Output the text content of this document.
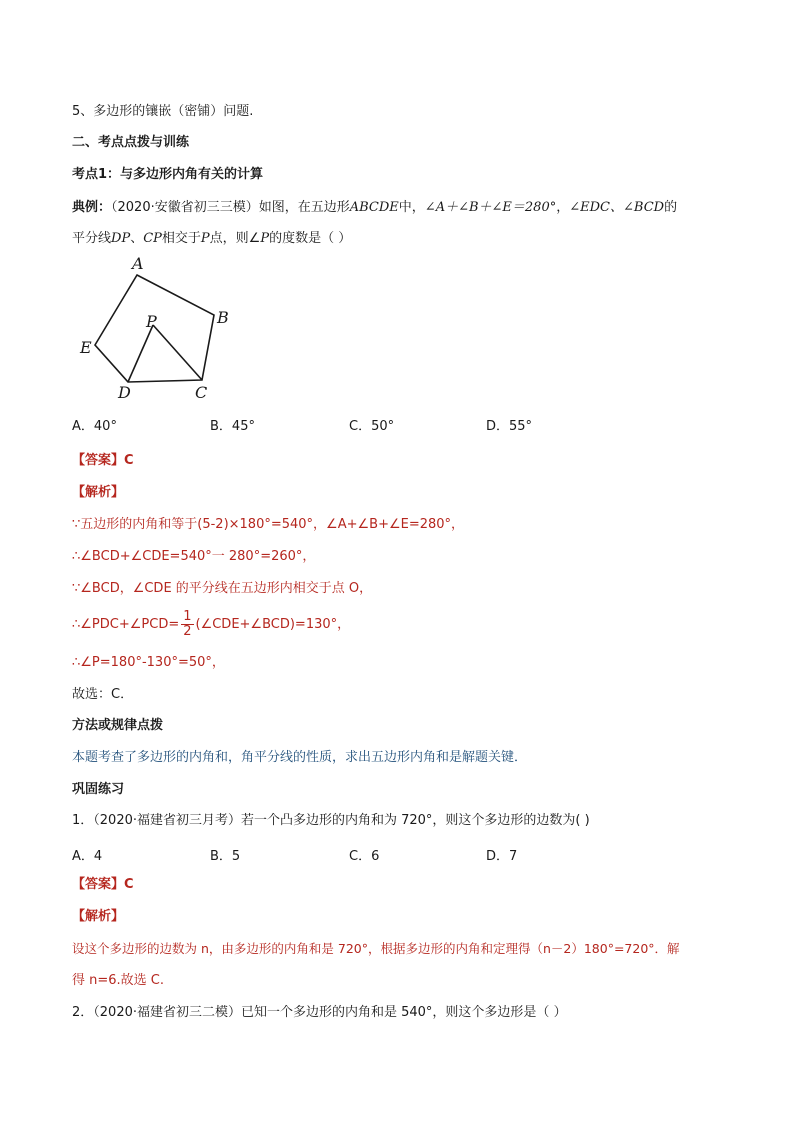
5、多边形的镶嵌（密铺）问题.
二、考点点拨与训练
考点1：与多边形内角有关的计算
典例：（2020·安徽省初三三模）如图，在五边形ABCDE中，∠A＋∠B＋∠E＝280°，∠EDC、∠BCD的
平分线DP、CP相交于P点，则∠P的度数是（ ）
A
B
C
D
E
P
A．40°	B．45°	C．50°	D．55°
【答案】C
【解析】
∵五边形的内角和等于(5-2)×180°=540°，∠A+∠B+∠E=280°，
∴∠BCD+∠CDE=540°一 280°=260°，
∵∠BCD，∠CDE 的平分线在五边形内相交于点 O，
∴∠PDC+∠PCD= $\frac{1}{2}$ (∠CDE+∠BCD)=130°，
∴∠P=180°-130°=50°，
故选：C．
方法或规律点拨
本题考查了多边形的内角和，角平分线的性质，求出五边形内角和是解题关键．
巩固练习
1．（2020·福建省初三月考）若一个凸多边形的内角和为 720°，则这个多边形的边数为( )
A．4	B．5	C．6	D．7
【答案】C
【解析】
设这个多边形的边数为 n，由多边形的内角和是 720°，根据多边形的内角和定理得（n－2）180°=720°．解
得 n=6.故选 C.
2．（2020·福建省初三二模）已知一个多边形的内角和是 540°，则这个多边形是（ ）
